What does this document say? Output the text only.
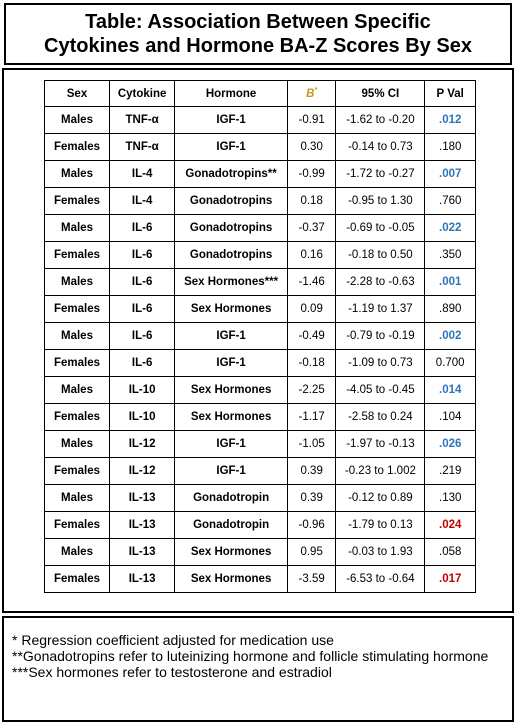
Table: Association Between Specific
Cytokines and Hormone BA-Z Scores By Sex
Sex	Cytokine	Hormone	B*	95% CI	P Val
Males	TNF-α	IGF-1	-0.91	-1.62 to -0.20	.012
Females	TNF-α	IGF-1	0.30	-0.14 to 0.73	.180
Males	IL-4	Gonadotropins**	-0.99	-1.72 to -0.27	.007
Females	IL-4	Gonadotropins	0.18	-0.95 to 1.30	.760
Males	IL-6	Gonadotropins	-0.37	-0.69 to -0.05	.022
Females	IL-6	Gonadotropins	0.16	-0.18 to 0.50	.350
Males	IL-6	Sex Hormones***	-1.46	-2.28 to -0.63	.001
Females	IL-6	Sex Hormones	0.09	-1.19 to 1.37	.890
Males	IL-6	IGF-1	-0.49	-0.79 to -0.19	.002
Females	IL-6	IGF-1	-0.18	-1.09 to 0.73	0.700
Males	IL-10	Sex Hormones	-2.25	-4.05 to -0.45	.014
Females	IL-10	Sex Hormones	-1.17	-2.58 to 0.24	.104
Males	IL-12	IGF-1	-1.05	-1.97 to -0.13	.026
Females	IL-12	IGF-1	0.39	-0.23 to 1.002	.219
Males	IL-13	Gonadotropin	0.39	-0.12 to 0.89	.130
Females	IL-13	Gonadotropin	-0.96	-1.79 to 0.13	.024
Males	IL-13	Sex Hormones	0.95	-0.03 to 1.93	.058
Females	IL-13	Sex Hormones	-3.59	-6.53 to -0.64	.017

* Regression coefficient adjusted for medication use

**Gonadotropins refer to luteinizing hormone and follicle stimulating hormone

***Sex hormones refer to testosterone and estradiol
